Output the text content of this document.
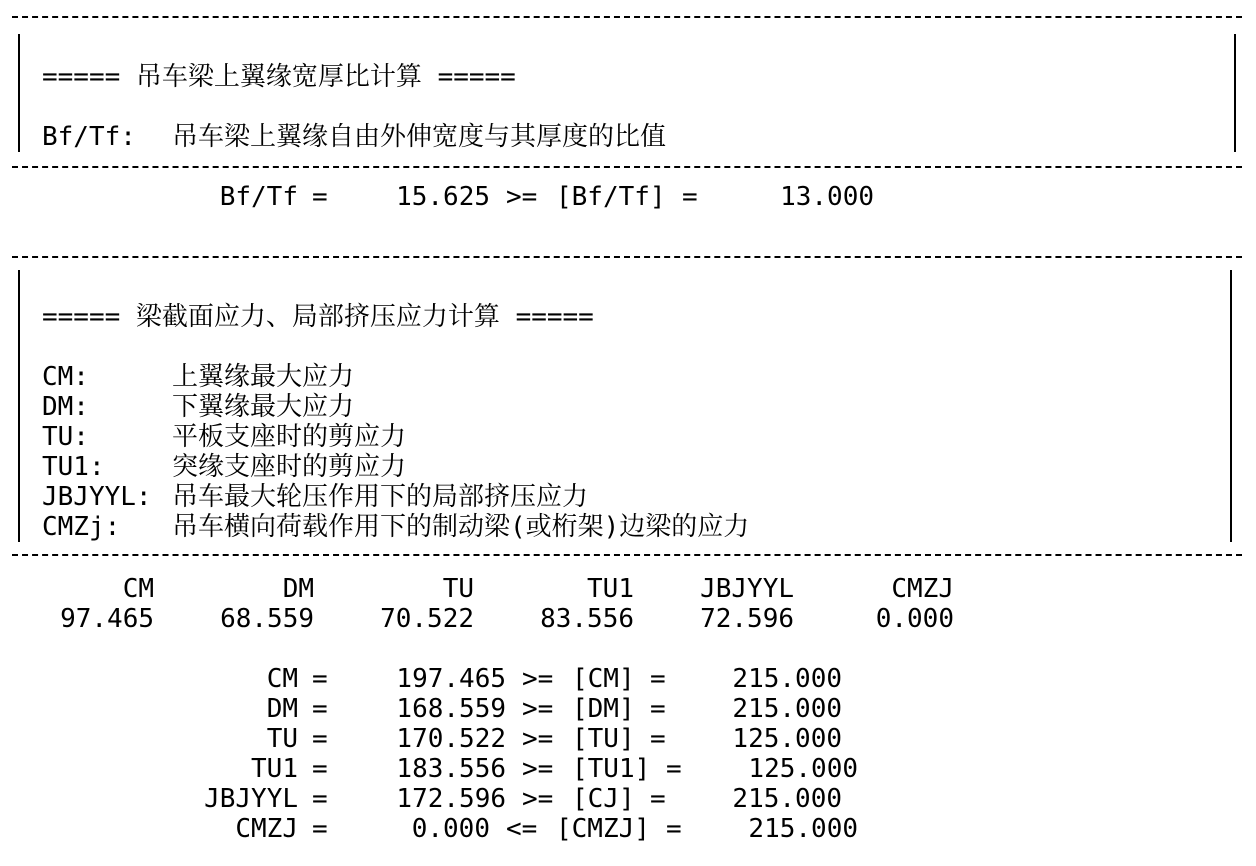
===== 吊车梁上翼缘宽厚比计算 =====
Bf/Tf: 吊车梁上翼缘自由外伸宽度与其厚度的比值
Bf/Tf =	15.625 >= [Bf/Tf] =	13.000
===== 梁截面应力、局部挤压应力计算 =====
CM:	上翼缘最大应力
DM:	下翼缘最大应力
TU:	平板支座时的剪应力
TU1:	突缘支座时的剪应力
JBJYYL: 吊车最大轮压作用下的局部挤压应力
CMZj: 吊车横向荷载作用下的制动梁(或桁架)边梁的应力
CM	DM	TU	TU1	JBJYYL	CMZJ
97.465	68.559	70.522	83.556	72.596	0.000
CM =	197.465 >= [CM] =	215.000
DM =	168.559 >= [DM] =	215.000
TU =	170.522 >= [TU] =	125.000
TU1 =	183.556 >= [TU1] =	125.000
JBJYYL =	172.596 >= [CJ] =	215.000
CMZJ =	0.000 <= [CMZJ] =	215.000
